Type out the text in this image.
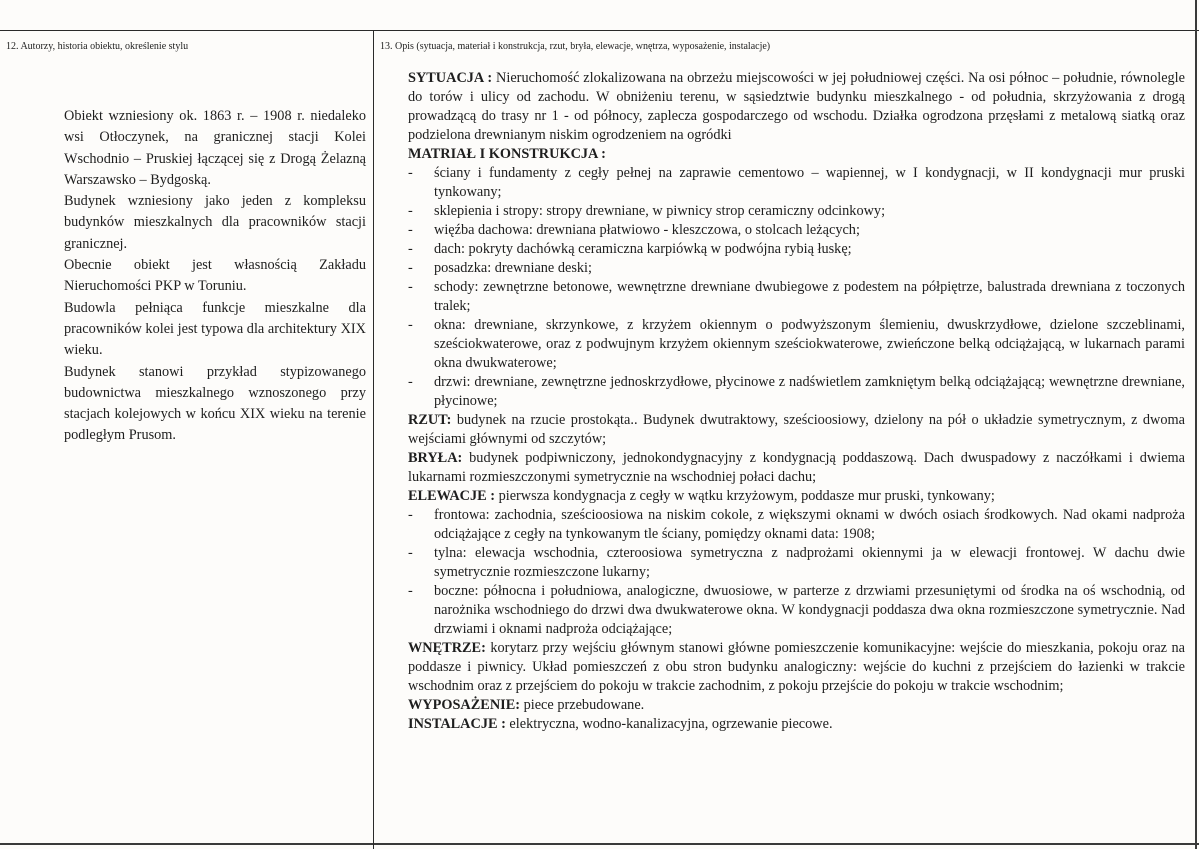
12. Autorzy, historia obiektu, określenie stylu

Obiekt wzniesiony ok. 1863 r. – 1908 r. niedaleko wsi Otłoczynek, na granicznej stacji Kolei Wschodnio – Pruskiej łączącej się z Drogą Żelazną Warszawsko – Bydgoską.

Budynek wzniesiony jako jeden z kompleksu budynków mieszkalnych dla pracowników stacji granicznej.

Obecnie obiekt jest własnością Zakładu Nieruchomości PKP w Toruniu.

Budowla pełniąca funkcje mieszkalne dla pracowników kolei jest typowa dla architektury XIX wieku.

Budynek stanowi przykład stypizowanego budownictwa mieszkalnego wznoszonego przy stacjach kolejowych w końcu XIX wieku na terenie podległym Prusom.

13. Opis (sytuacja, materiał i konstrukcja, rzut, bryła, elewacje, wnętrza, wyposażenie, instalacje)

SYTUACJA : Nieruchomość zlokalizowana na obrzeżu miejscowości w jej południowej części. Na osi północ – południe, równolegle do torów i ulicy od zachodu. W obniżeniu terenu, w sąsiedztwie budynku mieszkalnego - od południa, skrzyżowania z drogą prowadzącą do trasy nr 1 - od północy, zaplecza gospodarczego od wschodu. Działka ogrodzona przęsłami z metalową siatką oraz podzielona drewnianym niskim ogrodzeniem na ogródki

MATRIAŁ I KONSTRUKCJA :

-	ściany i fundamenty z cegły pełnej na zaprawie cementowo – wapiennej, w I kondygnacji, w II kondygnacji mur pruski tynkowany;
-	sklepienia i stropy: stropy drewniane, w piwnicy strop ceramiczny odcinkowy;
-	więźba dachowa: drewniana płatwiowo - kleszczowa, o stolcach leżących;
-	dach: pokryty dachówką ceramiczna karpiówką w podwójna rybią łuskę;
-	posadzka: drewniane deski;
-	schody: zewnętrzne betonowe, wewnętrzne drewniane dwubiegowe z podestem na półpiętrze, balustrada drewniana z toczonych tralek;
-	okna: drewniane, skrzynkowe, z krzyżem okiennym o podwyższonym ślemieniu, dwuskrzydłowe, dzielone szczeblinami, sześciokwaterowe, oraz z podwujnym krzyżem okiennym sześciokwaterowe, zwieńczone belką odciążającą, w lukarnach parami okna dwukwaterowe;
-	drzwi: drewniane, zewnętrzne jednoskrzydłowe, płycinowe z nadświetlem zamkniętym belką odciążającą; wewnętrzne drewniane, płycinowe;

RZUT: budynek na rzucie prostokąta.. Budynek dwutraktowy, sześcioosiowy, dzielony na pół o układzie symetrycznym, z dwoma wejściami głównymi od szczytów;

BRYŁA: budynek podpiwniczony, jednokondygnacyjny z kondygnacją poddaszową. Dach dwuspadowy z naczółkami i dwiema lukarnami rozmieszczonymi symetrycznie na wschodniej połaci dachu;

ELEWACJE : pierwsza kondygnacja z cegły w wątku krzyżowym, poddasze mur pruski, tynkowany;

-	frontowa: zachodnia, sześcioosiowa na niskim cokole, z większymi oknami w dwóch osiach środkowych. Nad okami nadproża odciążające z cegły na tynkowanym tle ściany, pomiędzy oknami data: 1908;
-	tylna: elewacja wschodnia, czteroosiowa symetryczna z nadprożami okiennymi ja w elewacji frontowej. W dachu dwie symetrycznie rozmieszczone lukarny;
-	boczne: północna i południowa, analogiczne, dwuosiowe, w parterze z drzwiami przesuniętymi od środka na oś wschodnią, od narożnika wschodniego do drzwi dwa dwukwaterowe okna. W kondygnacji poddasza dwa okna rozmieszczone symetrycznie. Nad drzwiami i oknami nadproża odciążające;

WNĘTRZE: korytarz przy wejściu głównym stanowi główne pomieszczenie komunikacyjne: wejście do mieszkania, pokoju oraz na poddasze i piwnicy. Układ pomieszczeń z obu stron budynku analogiczny: wejście do kuchni z przejściem do łazienki w trakcie wschodnim oraz z przejściem do pokoju w trakcie zachodnim, z pokoju przejście do pokoju w trakcie wschodnim;

WYPOSAŻENIE: piece przebudowane.

INSTALACJE : elektryczna, wodno-kanalizacyjna, ogrzewanie piecowe.
